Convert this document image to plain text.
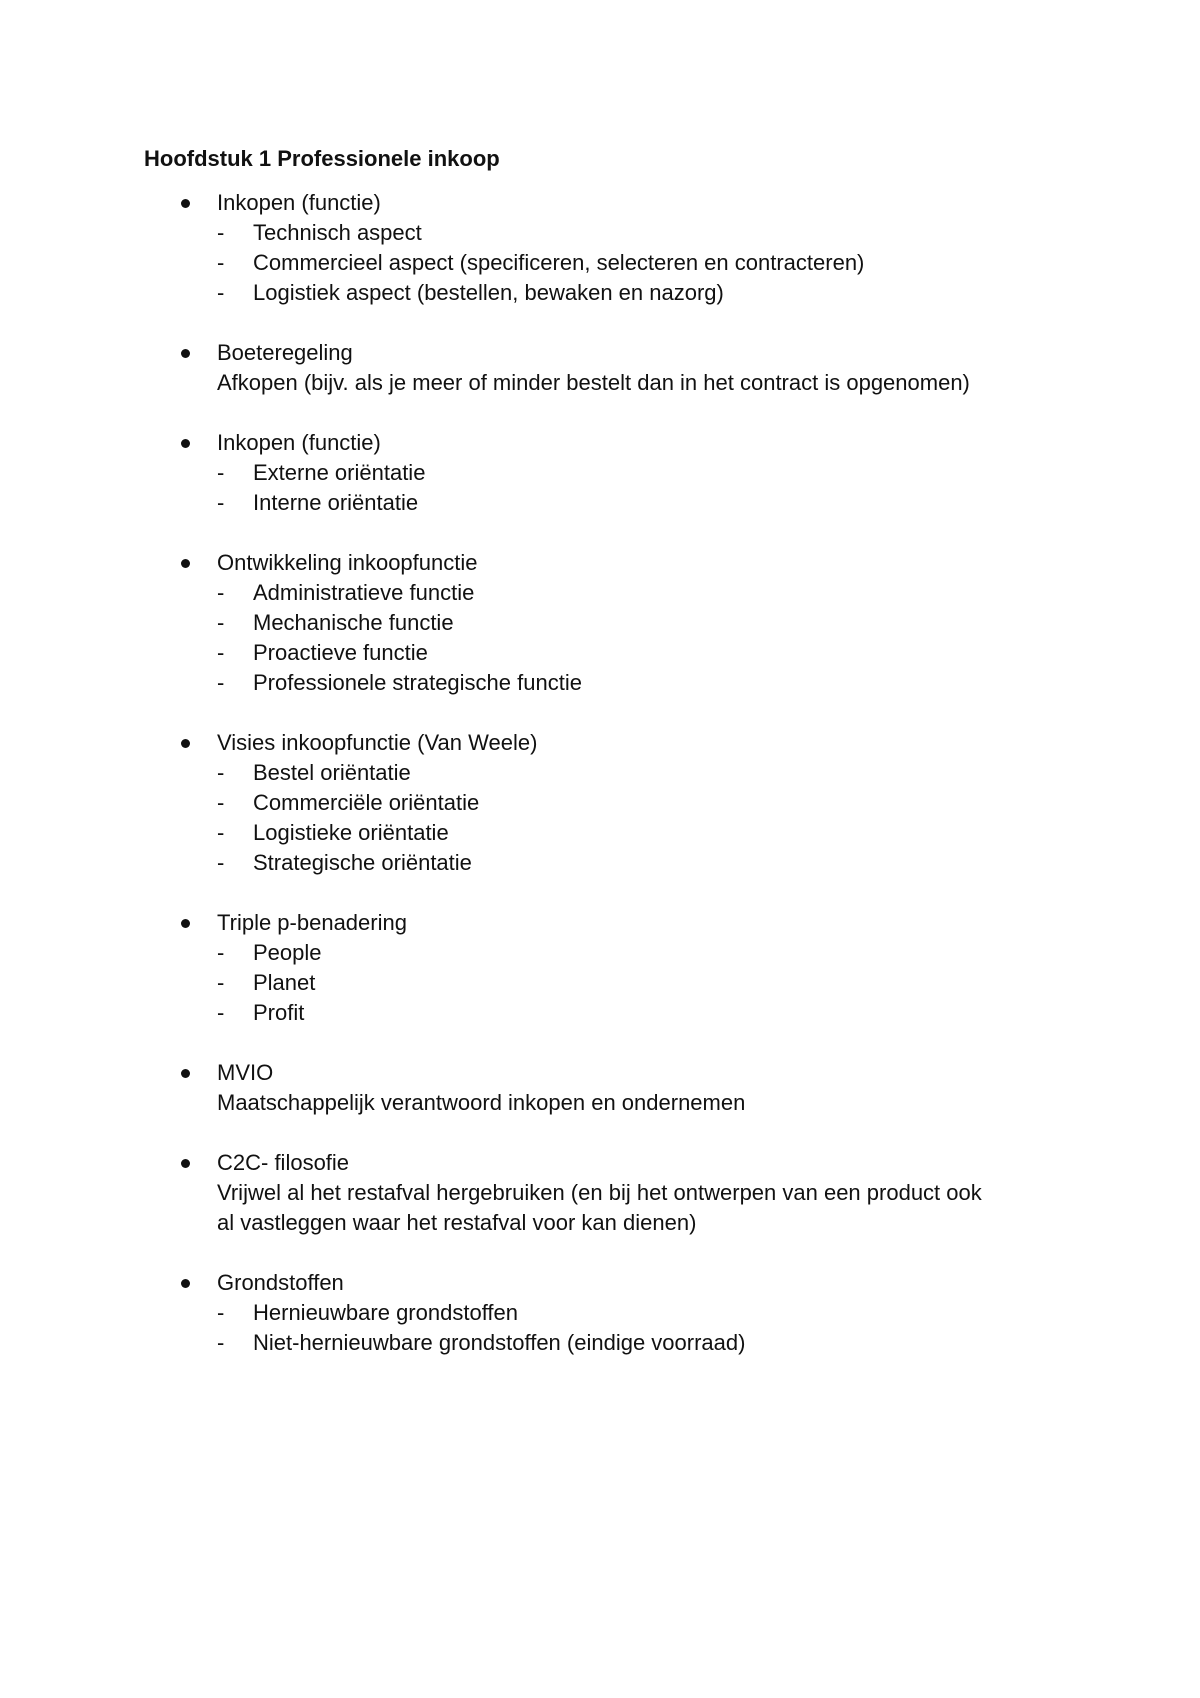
Hoofdstuk 1 Professionele inkoop
Inkopen (functie)
- Technisch aspect
- Commercieel aspect (specificeren, selecteren en contracteren)
- Logistiek aspect (bestellen, bewaken en nazorg)
Boeteregeling
Afkopen (bijv. als je meer of minder bestelt dan in het contract is opgenomen)
Inkopen (functie)
- Externe oriëntatie
- Interne oriëntatie
Ontwikkeling inkoopfunctie
- Administratieve functie
- Mechanische functie
- Proactieve functie
- Professionele strategische functie
Visies inkoopfunctie (Van Weele)
- Bestel oriëntatie
- Commerciële oriëntatie
- Logistieke oriëntatie
- Strategische oriëntatie
Triple p-benadering
- People
- Planet
- Profit
MVIO
Maatschappelijk verantwoord inkopen en ondernemen
C2C- filosofie
Vrijwel al het restafval hergebruiken (en bij het ontwerpen van een product ook
al vastleggen waar het restafval voor kan dienen)
Grondstoffen
- Hernieuwbare grondstoffen
- Niet-hernieuwbare grondstoffen (eindige voorraad)
